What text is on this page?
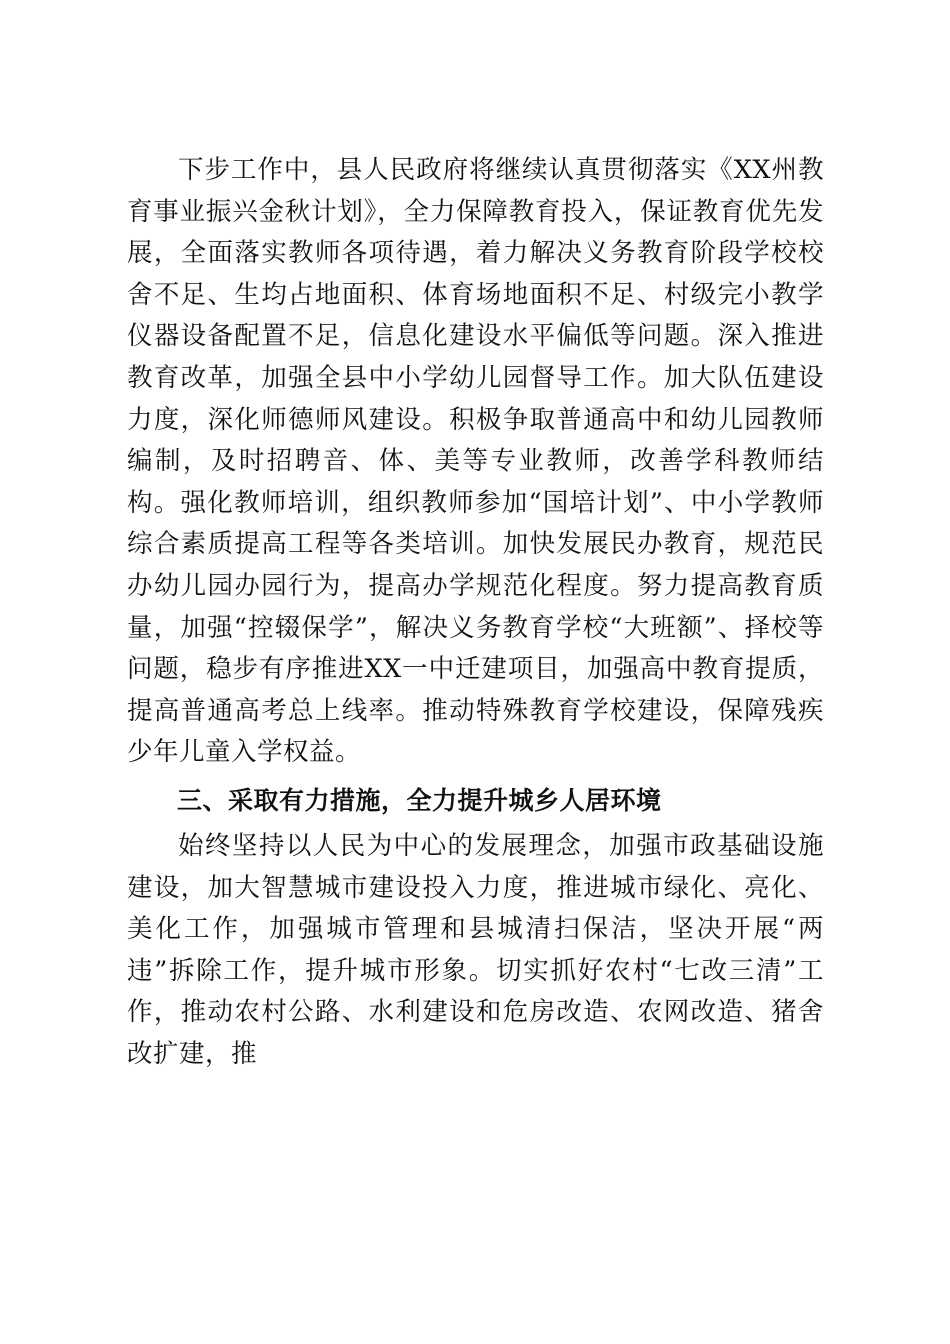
下步工作中，县人民政府将继续认真贯彻落实《XX州教育事业振兴金秋计划》，全力保障教育投入，保证教育优先发展，全面落实教师各项待遇，着力解决义务教育阶段学校校舍不足、生均占地面积、体育场地面积不足、村级完小教学仪器设备配置不足，信息化建设水平偏低等问题。深入推进教育改革，加强全县中小学幼儿园督导工作。加大队伍建设力度，深化师德师风建设。积极争取普通高中和幼儿园教师编制，及时招聘音、体、美等专业教师，改善学科教师结构。强化教师培训，组织教师参加“国培计划”、中小学教师综合素质提高工程等各类培训。加快发展民办教育，规范民办幼儿园办园行为，提高办学规范化程度。努力提高教育质量，加强“控辍保学”，解决义务教育学校“大班额”、择校等问题，稳步有序推进XX一中迁建项目，加强高中教育提质，提高普通高考总上线率。推动特殊教育学校建设，保障残疾少年儿童入学权益。

三、采取有力措施，全力提升城乡人居环境

始终坚持以人民为中心的发展理念，加强市政基础设施建设，加大智慧城市建设投入力度，推进城市绿化、亮化、美化工作，加强城市管理和县城清扫保洁，坚决开展“两违”拆除工作，提升城市形象。切实抓好农村“七改三清”工作，推动农村公路、水利建设和危房改造、农网改造、猪舍改扩建，推
